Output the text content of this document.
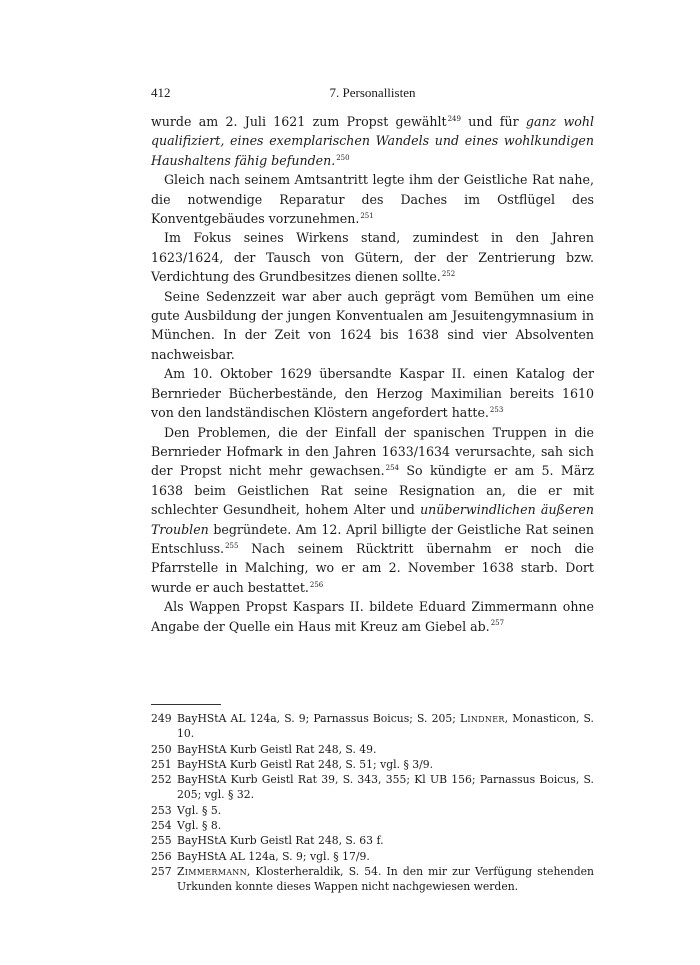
412	7. Personallisten

wurde am 2. Juli 1621 zum Propst gewählt$^{249}$ und für ganz wohl qualifiziert, eines exemplarischen Wandels und eines wohlkundigen Haushaltens fähig befunden.$^{250}$

Gleich nach seinem Amtsantritt legte ihm der Geistliche Rat nahe, die notwendige Reparatur des Daches im Ostflügel des Konventgebäudes vorzunehmen.$^{251}$

Im Fokus seines Wirkens stand, zumindest in den Jahren 1623/1624, der Tausch von Gütern, der der Zentrierung bzw. Verdichtung des Grundbesitzes dienen sollte.$^{252}$

Seine Sedenzzeit war aber auch geprägt vom Bemühen um eine gute Ausbildung der jungen Konventualen am Jesuitengymnasium in München. In der Zeit von 1624 bis 1638 sind vier Absolventen nachweisbar.

Am 10. Oktober 1629 übersandte Kaspar II. einen Katalog der Bernrieder Bücherbestände, den Herzog Maximilian bereits 1610 von den landständischen Klöstern angefordert hatte.$^{253}$

Den Problemen, die der Einfall der spanischen Truppen in die Bernrieder Hofmark in den Jahren 1633/1634 verursachte, sah sich der Propst nicht mehr gewachsen.$^{254}$ So kündigte er am 5. März 1638 beim Geistlichen Rat seine Resignation an, die er mit schlechter Gesundheit, hohem Alter und unüberwindlichen äußeren Troublen begründete. Am 12. April billigte der Geistliche Rat seinen Entschluss.$^{255}$ Nach seinem Rücktritt übernahm er noch die Pfarrstelle in Malching, wo er am 2. November 1638 starb. Dort wurde er auch bestattet.$^{256}$

Als Wappen Propst Kaspars II. bildete Eduard Zimmermann ohne Angabe der Quelle ein Haus mit Kreuz am Giebel ab.$^{257}$

249 BayHStA AL 124a, S. 9; Parnassus Boicus; S. 205; Lindner, Monasticon, S. 10.
250 BayHStA Kurb Geistl Rat 248, S. 49.
251 BayHStA Kurb Geistl Rat 248, S. 51; vgl. § 3/9.
252 BayHStA Kurb Geistl Rat 39, S. 343, 355; Kl UB 156; Parnassus Boicus, S. 205; vgl. § 32.
253 Vgl. § 5.
254 Vgl. § 8.
255 BayHStA Kurb Geistl Rat 248, S. 63 f.
256 BayHStA AL 124a, S. 9; vgl. § 17/9.
257 Zimmermann, Klosterheraldik, S. 54. In den mir zur Verfügung stehenden Urkunden konnte dieses Wappen nicht nachgewiesen werden.
